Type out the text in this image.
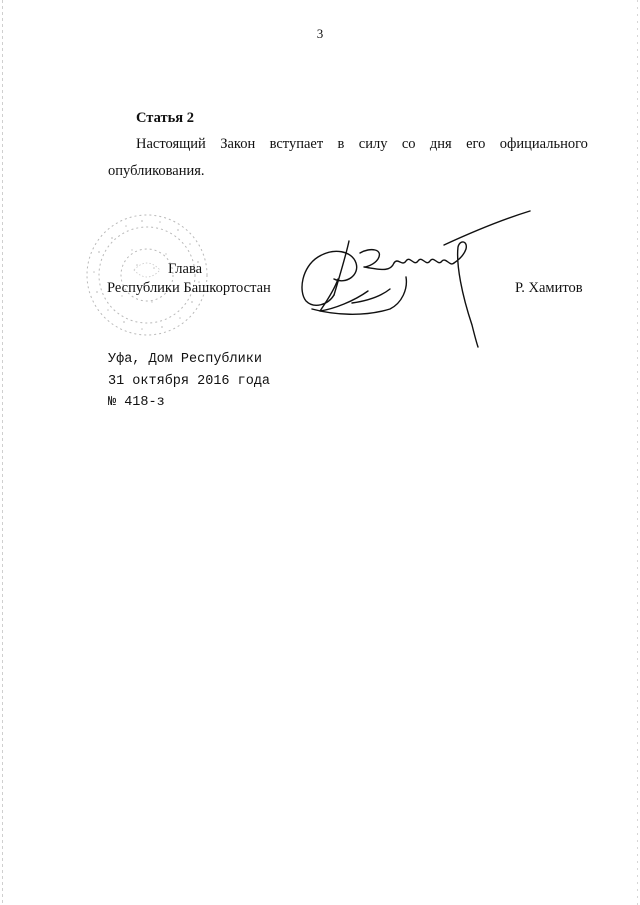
3
Статья 2
Настоящий Закон вступает в силу со дня его официального
опубликования.
Глава
Республики Башкортостан	Р. Хамитов
Уфа, Дом Республики
31 октября 2016 года
№ 418-з
